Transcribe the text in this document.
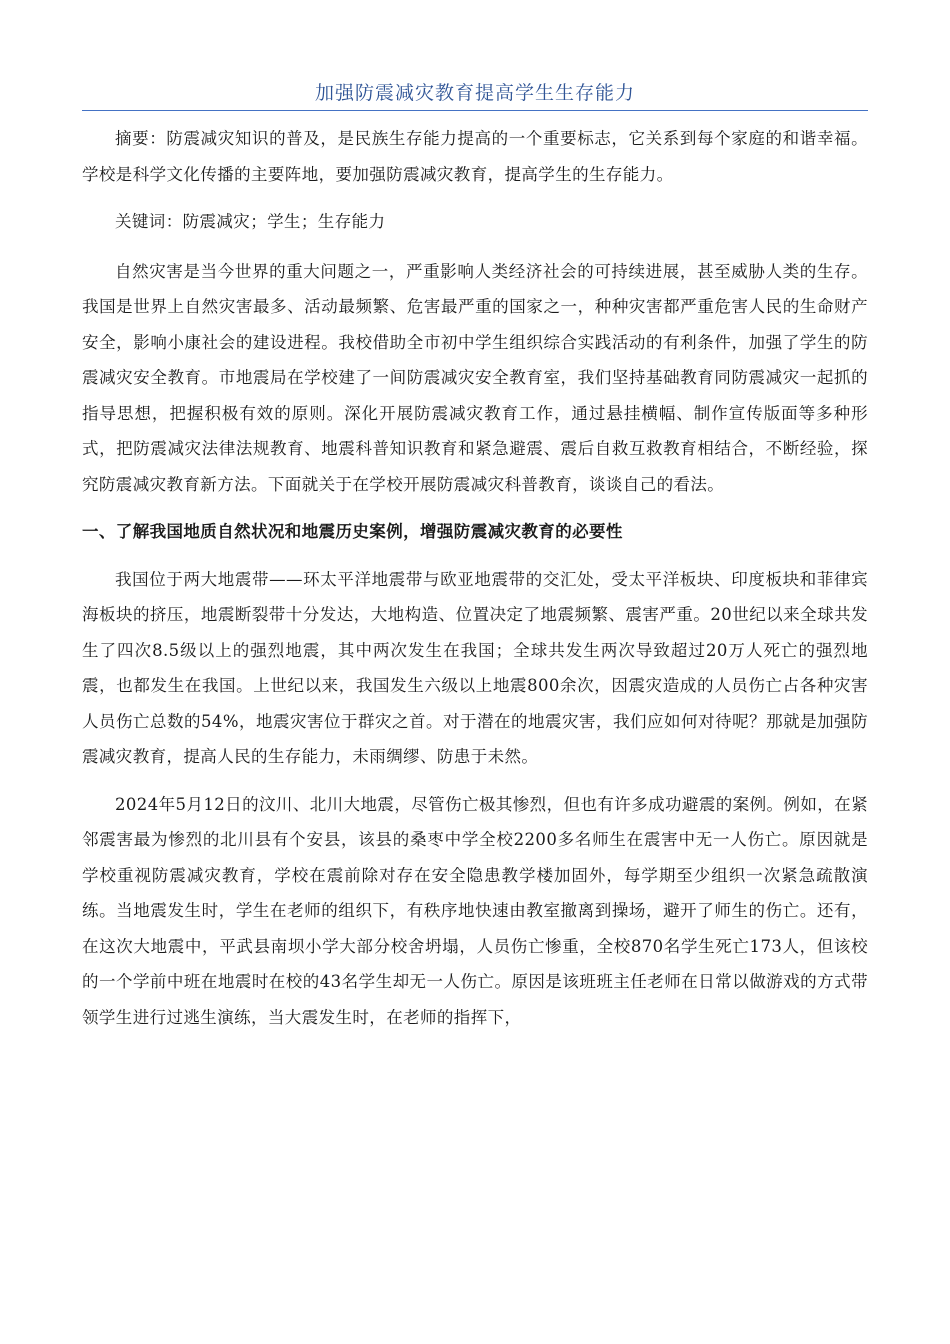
加强防震减灾教育提高学生生存能力

摘要：防震减灾知识的普及，是民族生存能力提高的一个重要标志，它关系到每个家庭的和谐幸福。学校是科学文化传播的主要阵地，要加强防震减灾教育，提高学生的生存能力。

关键词：防震减灾；学生；生存能力

自然灾害是当今世界的重大问题之一，严重影响人类经济社会的可持续进展，甚至威胁人类的生存。我国是世界上自然灾害最多、活动最频繁、危害最严重的国家之一，种种灾害都严重危害人民的生命财产安全，影响小康社会的建设进程。我校借助全市初中学生组织综合实践活动的有利条件，加强了学生的防震减灾安全教育。市地震局在学校建了一间防震减灾安全教育室，我们坚持基础教育同防震减灾一起抓的指导思想，把握积极有效的原则。深化开展防震减灾教育工作，通过悬挂横幅、制作宣传版面等多种形式，把防震减灾法律法规教育、地震科普知识教育和紧急避震、震后自救互救教育相结合，不断经验，探究防震减灾教育新方法。下面就关于在学校开展防震减灾科普教育，谈谈自己的看法。

一、了解我国地质自然状况和地震历史案例，增强防震减灾教育的必要性

我国位于两大地震带——环太平洋地震带与欧亚地震带的交汇处，受太平洋板块、印度板块和菲律宾海板块的挤压，地震断裂带十分发达，大地构造、位置决定了地震频繁、震害严重。20世纪以来全球共发生了四次8.5级以上的强烈地震，其中两次发生在我国；全球共发生两次导致超过20万人死亡的强烈地震，也都发生在我国。上世纪以来，我国发生六级以上地震800余次，因震灾造成的人员伤亡占各种灾害人员伤亡总数的54%，地震灾害位于群灾之首。对于潜在的地震灾害，我们应如何对待呢？那就是加强防震减灾教育，提高人民的生存能力，未雨绸缪、防患于未然。

2024年5月12日的汶川、北川大地震，尽管伤亡极其惨烈，但也有许多成功避震的案例。例如，在紧邻震害最为惨烈的北川县有个安县，该县的桑枣中学全校2200多名师生在震害中无一人伤亡。原因就是学校重视防震减灾教育，学校在震前除对存在安全隐患教学楼加固外，每学期至少组织一次紧急疏散演练。当地震发生时，学生在老师的组织下，有秩序地快速由教室撤离到操场，避开了师生的伤亡。还有，在这次大地震中，平武县南坝小学大部分校舍坍塌，人员伤亡惨重，全校870名学生死亡173人，但该校的一个学前中班在地震时在校的43名学生却无一人伤亡。原因是该班班主任老师在日常以做游戏的方式带领学生进行过逃生演练，当大震发生时，在老师的指挥下，
